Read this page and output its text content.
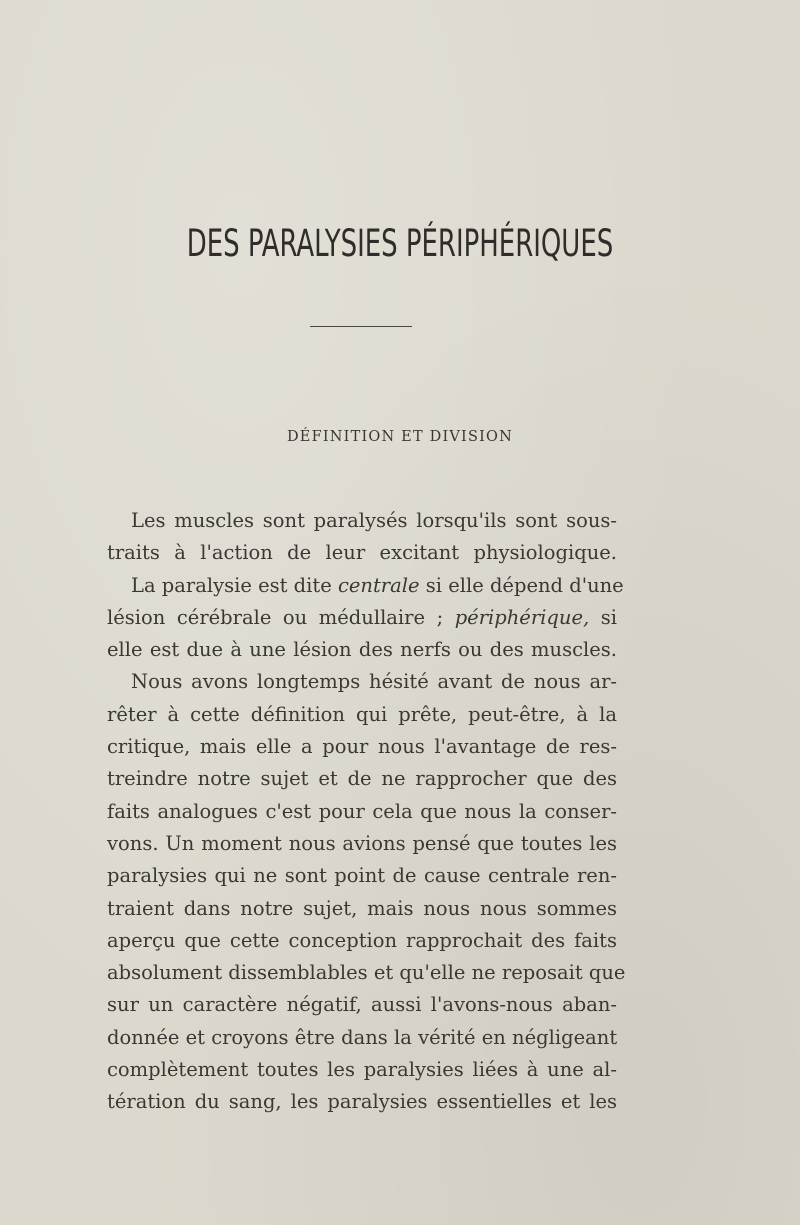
DES PARALYSIES PÉRIPHÉRIQUES
DÉFINITION ET DIVISION
Les muscles sont paralysés lorsqu'ils sont sous-
traits à l'action de leur excitant physiologique.
La paralysie est dite centrale si elle dépend d'une
lésion cérébrale ou médullaire ; périphérique, si
elle est due à une lésion des nerfs ou des muscles.
Nous avons longtemps hésité avant de nous ar-
rêter à cette définition qui prête, peut-être, à la
critique, mais elle a pour nous l'avantage de res-
treindre notre sujet et de ne rapprocher que des
faits analogues c'est pour cela que nous la conser-
vons. Un moment nous avions pensé que toutes les
paralysies qui ne sont point de cause centrale ren-
traient dans notre sujet, mais nous nous sommes
aperçu que cette conception rapprochait des faits
absolument dissemblables et qu'elle ne reposait que
sur un caractère négatif, aussi l'avons-nous aban-
donnée et croyons être dans la vérité en négligeant
complètement toutes les paralysies liées à une al-
tération du sang, les paralysies essentielles et les
